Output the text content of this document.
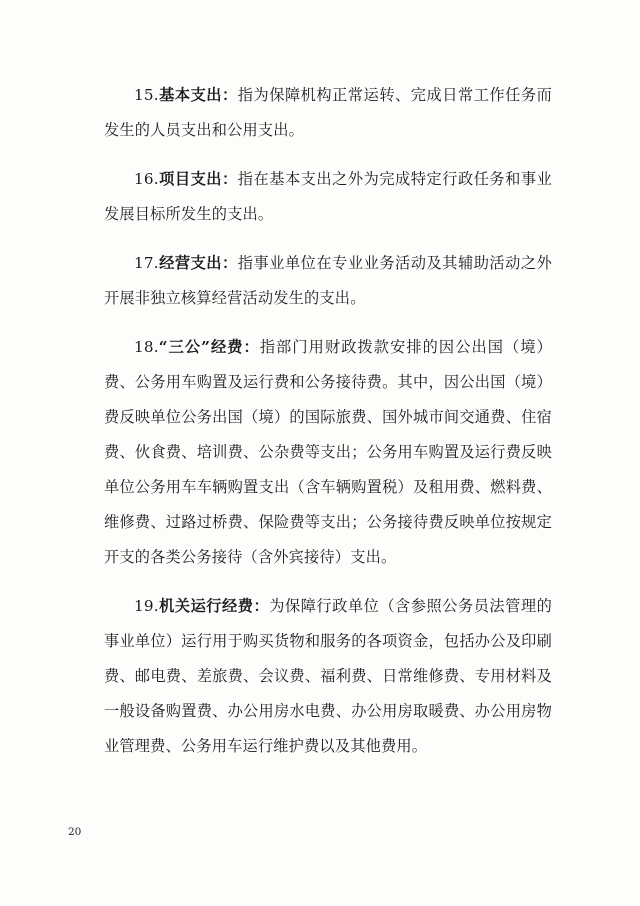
15.基本支出：指为保障机构正常运转、完成日常工作任务而发生的人员支出和公用支出。

16.项目支出：指在基本支出之外为完成特定行政任务和事业发展目标所发生的支出。

17.经营支出：指事业单位在专业业务活动及其辅助活动之外开展非独立核算经营活动发生的支出。

18.“三公”经费：指部门用财政拨款安排的因公出国（境）费、公务用车购置及运行费和公务接待费。其中，因公出国（境）费反映单位公务出国（境）的国际旅费、国外城市间交通费、住宿费、伙食费、培训费、公杂费等支出；公务用车购置及运行费反映单位公务用车车辆购置支出（含车辆购置税）及租用费、燃料费、维修费、过路过桥费、保险费等支出；公务接待费反映单位按规定开支的各类公务接待（含外宾接待）支出。

19.机关运行经费：为保障行政单位（含参照公务员法管理的事业单位）运行用于购买货物和服务的各项资金，包括办公及印刷费、邮电费、差旅费、会议费、福利费、日常维修费、专用材料及一般设备购置费、办公用房水电费、办公用房取暖费、办公用房物业管理费、公务用车运行维护费以及其他费用。

20
